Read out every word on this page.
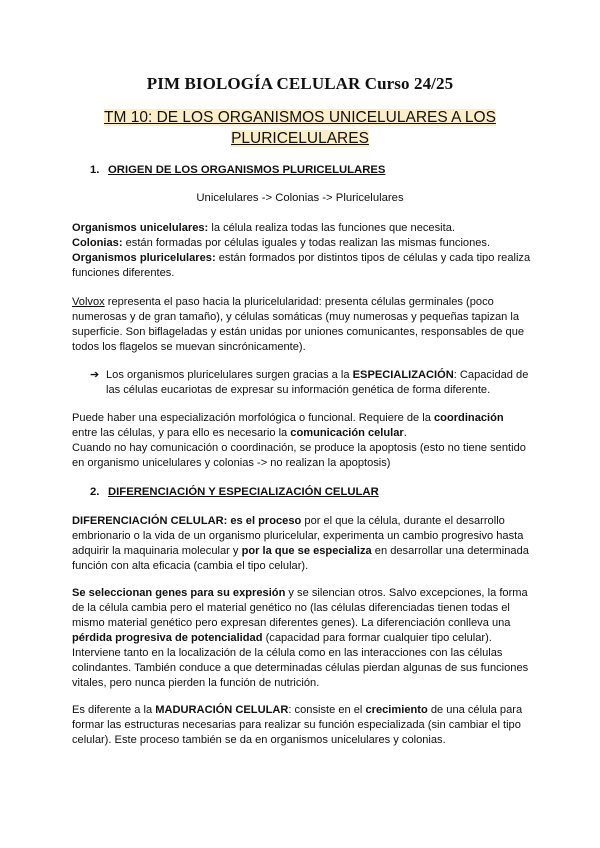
PIM BIOLOGÍA CELULAR Curso 24/25
TM 10: DE LOS ORGANISMOS UNICELULARES A LOS
PLURICELULARES
1. ORIGEN DE LOS ORGANISMOS PLURICELULARES
Unicelulares -> Colonias -> Pluricelulares
Organismos unicelulares: la célula realiza todas las funciones que necesita.
Colonias: están formadas por células iguales y todas realizan las mismas funciones.
Organismos pluricelulares: están formados por distintos tipos de células y cada tipo realiza funciones diferentes.
Volvox representa el paso hacia la pluricelularidad: presenta células germinales (poco numerosas y de gran tamaño), y células somáticas (muy numerosas y pequeñas tapizan la superficie. Son biflageladas y están unidas por uniones comunicantes, responsables de que todos los flagelos se muevan sincrónicamente).
➔ Los organismos pluricelulares surgen gracias a la ESPECIALIZACIÓN: Capacidad de las células eucariotas de expresar su información genética de forma diferente.
Puede haber una especialización morfológica o funcional. Requiere de la coordinación entre las células, y para ello es necesario la comunicación celular.
Cuando no hay comunicación o coordinación, se produce la apoptosis (esto no tiene sentido en organismo unicelulares y colonias -> no realizan la apoptosis)
2. DIFERENCIACIÓN Y ESPECIALIZACIÓN CELULAR
DIFERENCIACIÓN CELULAR: es el proceso por el que la célula, durante el desarrollo embrionario o la vida de un organismo pluricelular, experimenta un cambio progresivo hasta adquirir la maquinaria molecular y por la que se especializa en desarrollar una determinada función con alta eficacia (cambia el tipo celular).
Se seleccionan genes para su expresión y se silencian otros. Salvo excepciones, la forma de la célula cambia pero el material genético no (las células diferenciadas tienen todas el mismo material genético pero expresan diferentes genes). La diferenciación conlleva una pérdida progresiva de potencialidad (capacidad para formar cualquier tipo celular). Interviene tanto en la localización de la célula como en las interacciones con las células colindantes. También conduce a que determinadas células pierdan algunas de sus funciones vitales, pero nunca pierden la función de nutrición.
Es diferente a la MADURACIÓN CELULAR: consiste en el crecimiento de una célula para formar las estructuras necesarias para realizar su función especializada (sin cambiar el tipo celular). Este proceso también se da en organismos unicelulares y colonias.
